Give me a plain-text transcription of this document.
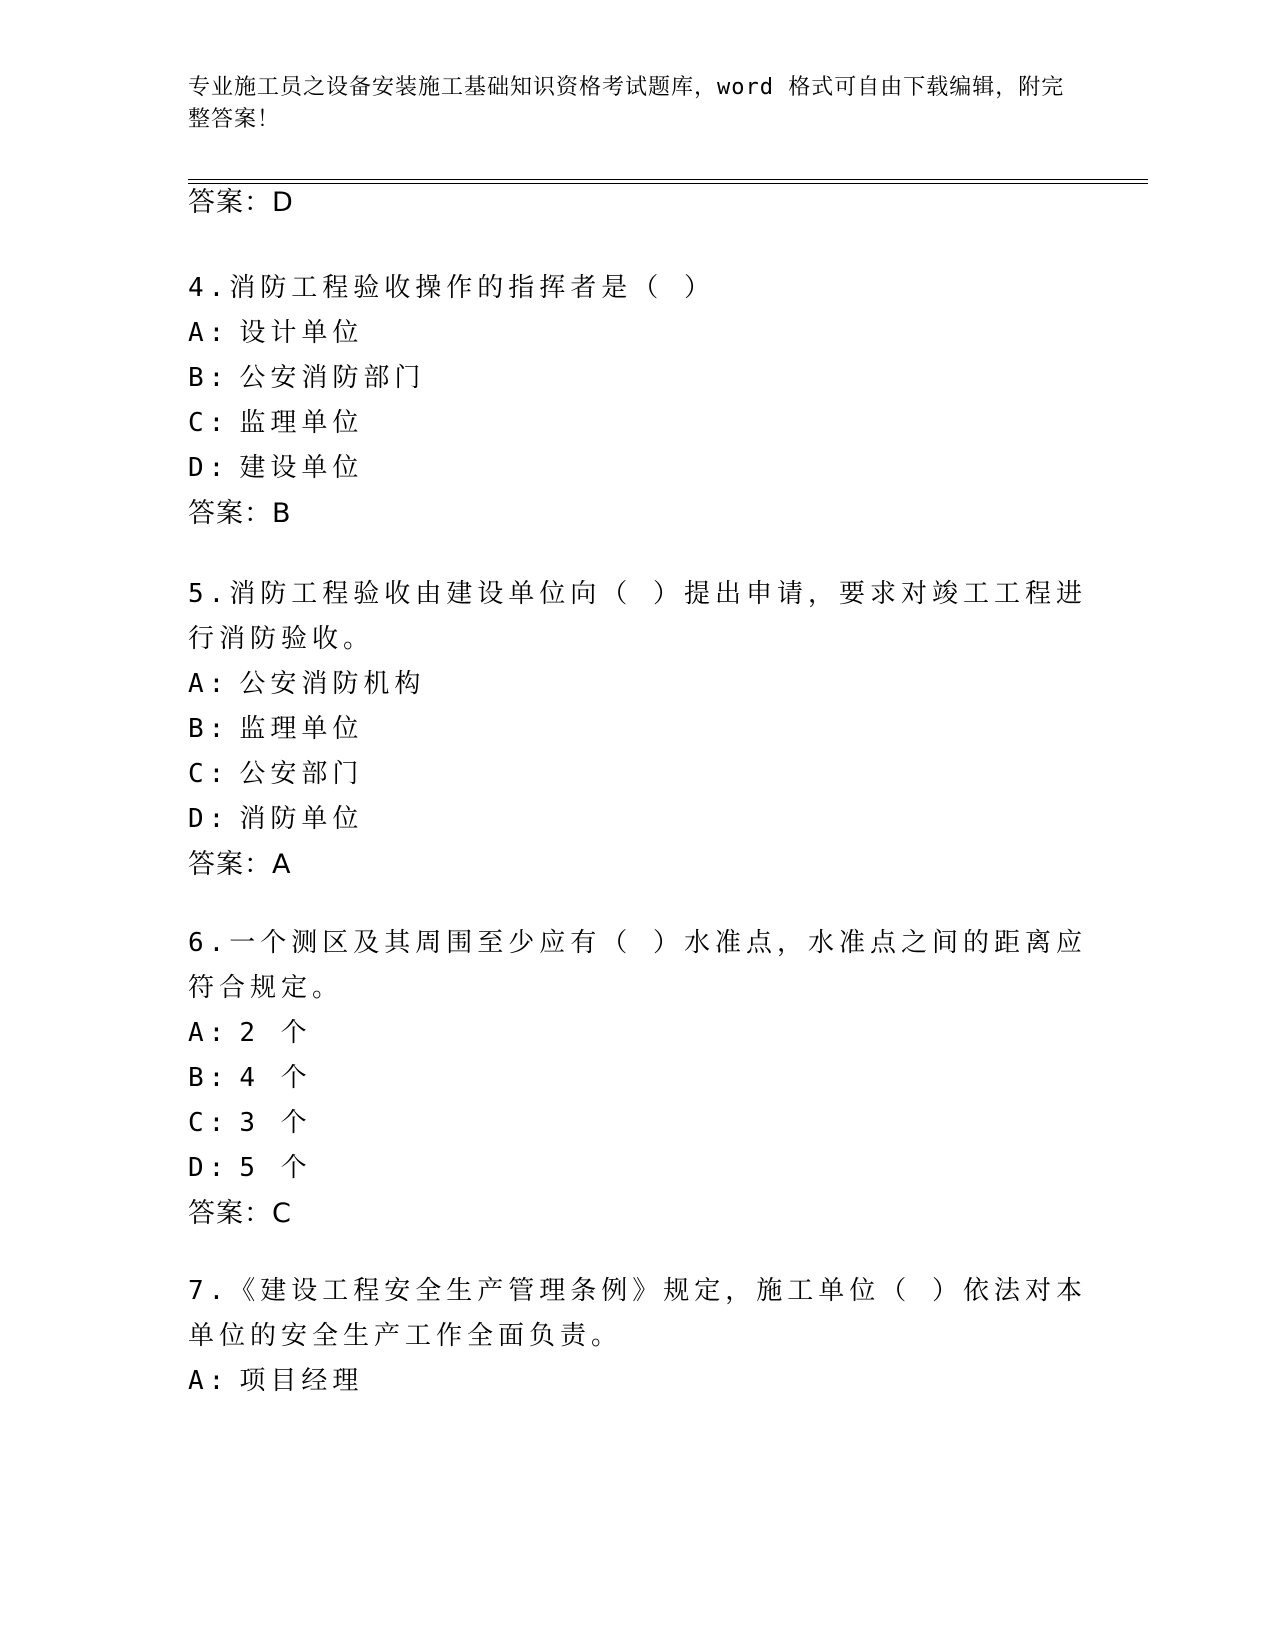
专业施工员之设备安装施工基础知识资格考试题库，word 格式可自由下载编辑，附完整答案！
答案：D
4.消防工程验收操作的指挥者是（ ）
A: 设计单位
B: 公安消防部门
C: 监理单位
D: 建设单位
答案：B
5.消防工程验收由建设单位向（ ）提出申请，要求对竣工工程进行消防验收。
A: 公安消防机构
B: 监理单位
C: 公安部门
D: 消防单位
答案：A
6.一个测区及其周围至少应有（ ）水准点，水准点之间的距离应符合规定。
A: 2 个
B: 4 个
C: 3 个
D: 5 个
答案：C
7.《建设工程安全生产管理条例》规定，施工单位（ ）依法对本单位的安全生产工作全面负责。
A: 项目经理
